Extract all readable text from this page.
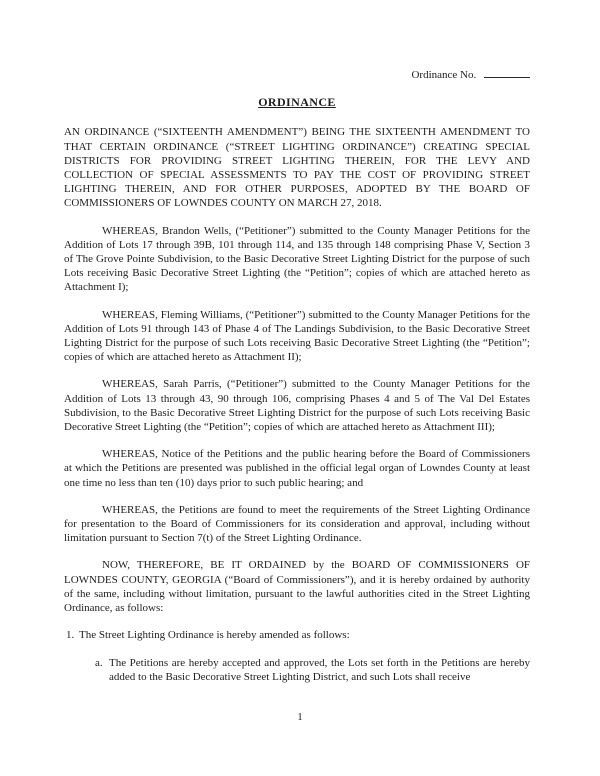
Ordinance No.
ORDINANCE

AN ORDINANCE (“SIXTEENTH AMENDMENT”) BEING THE SIXTEENTH AMENDMENT TO THAT CERTAIN ORDINANCE (“STREET LIGHTING ORDINANCE”) CREATING SPECIAL DISTRICTS FOR PROVIDING STREET LIGHTING THEREIN, FOR THE LEVY AND COLLECTION OF SPECIAL ASSESSMENTS TO PAY THE COST OF PROVIDING STREET LIGHTING THEREIN, AND FOR OTHER PURPOSES, ADOPTED BY THE BOARD OF COMMISSIONERS OF LOWNDES COUNTY ON MARCH 27, 2018.

WHEREAS, Brandon Wells, (“Petitioner”) submitted to the County Manager Petitions for the Addition of Lots 17 through 39B, 101 through 114, and 135 through 148 comprising Phase V, Section 3 of The Grove Pointe Subdivision, to the Basic Decorative Street Lighting District for the purpose of such Lots receiving Basic Decorative Street Lighting (the “Petition”; copies of which are attached hereto as Attachment I);

WHEREAS, Fleming Williams, (“Petitioner”) submitted to the County Manager Petitions for the Addition of Lots 91 through 143 of Phase 4 of The Landings Subdivision, to the Basic Decorative Street Lighting District for the purpose of such Lots receiving Basic Decorative Street Lighting (the “Petition”; copies of which are attached hereto as Attachment II);

WHEREAS, Sarah Parris, (“Petitioner”) submitted to the County Manager Petitions for the Addition of Lots 13 through 43, 90 through 106, comprising Phases 4 and 5 of The Val Del Estates Subdivision, to the Basic Decorative Street Lighting District for the purpose of such Lots receiving Basic Decorative Street Lighting (the “Petition”; copies of which are attached hereto as Attachment III);

WHEREAS, Notice of the Petitions and the public hearing before the Board of Commissioners at which the Petitions are presented was published in the official legal organ of Lowndes County at least one time no less than ten (10) days prior to such public hearing; and

WHEREAS, the Petitions are found to meet the requirements of the Street Lighting Ordinance for presentation to the Board of Commissioners for its consideration and approval, including without limitation pursuant to Section 7(t) of the Street Lighting Ordinance.

NOW, THEREFORE, BE IT ORDAINED by the BOARD OF COMMISSIONERS OF LOWNDES COUNTY, GEORGIA (“Board of Commissioners”), and it is hereby ordained by authority of the same, including without limitation, pursuant to the lawful authorities cited in the Street Lighting Ordinance, as follows:

1. The Street Lighting Ordinance is hereby amended as follows:
a. The Petitions are hereby accepted and approved, the Lots set forth in the Petitions are hereby added to the Basic Decorative Street Lighting District, and such Lots shall receive
1
